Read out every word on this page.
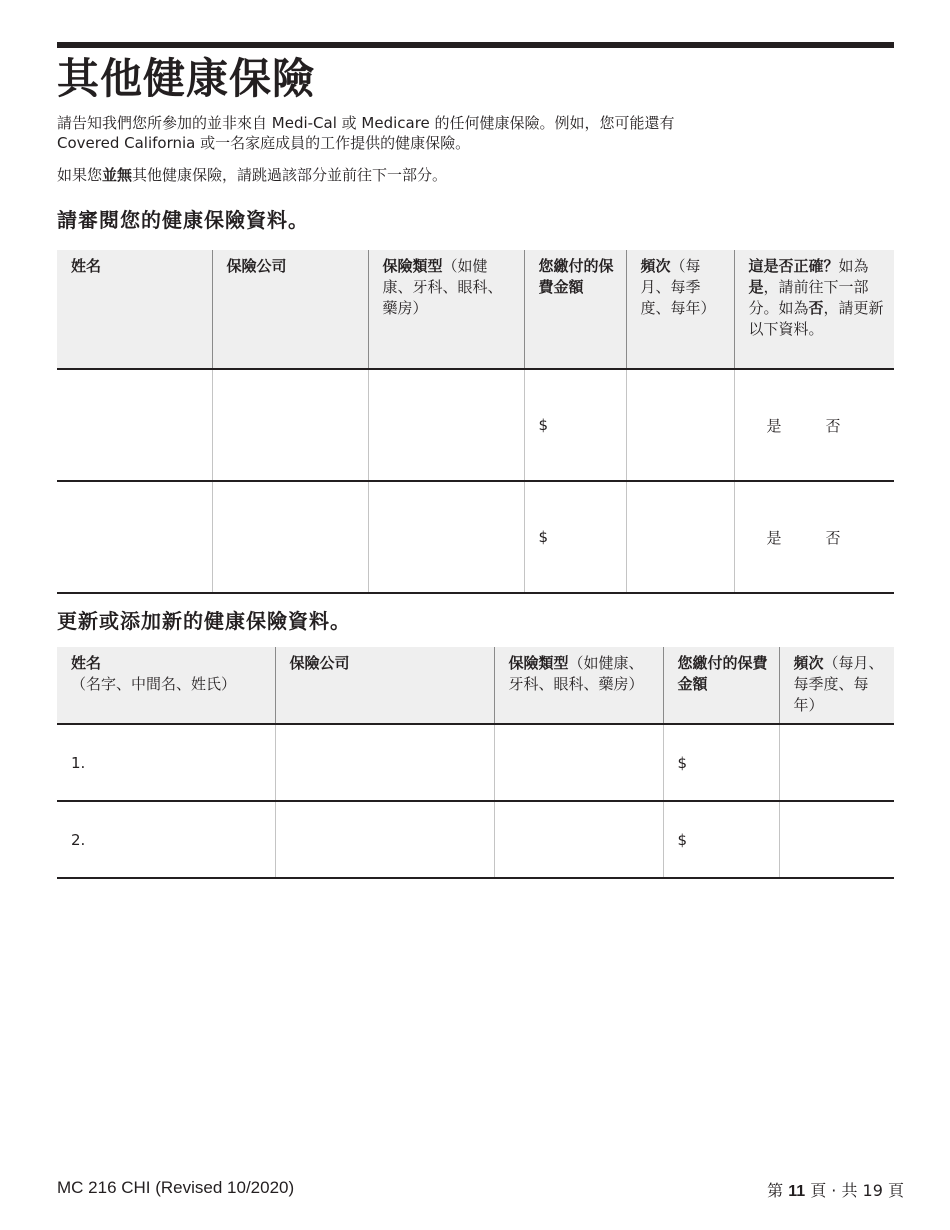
其他健康保險

請告知我們您所參加的並非來自 Medi-Cal 或 Medicare 的任何健康保險。例如，您可能還有
Covered California 或一名家庭成員的工作提供的健康保險。

如果您並無其他健康保險，請跳過該部分並前往下一部分。

請審閱您的健康保險資料。
姓名	保險公司	保險類型（如健康、牙科、眼科、藥房）	您繳付的保費金額	頻次（每月、每季度、每年）	這是否正確？如為是，請前往下一部分。如為否，請更新以下資料。
			$		是 否

			$		是 否
更新或添加新的健康保險資料。
姓名（名字、中間名、姓氏）	保險公司	保險類型（如健康、牙科、眼科、藥房）	您繳付的保費金額	頻次（每月、每季度、每年）
1.			$	
2.			$	
MC 216 CHI (Revised 10/2020)	第 11 頁 · 共 19 頁
